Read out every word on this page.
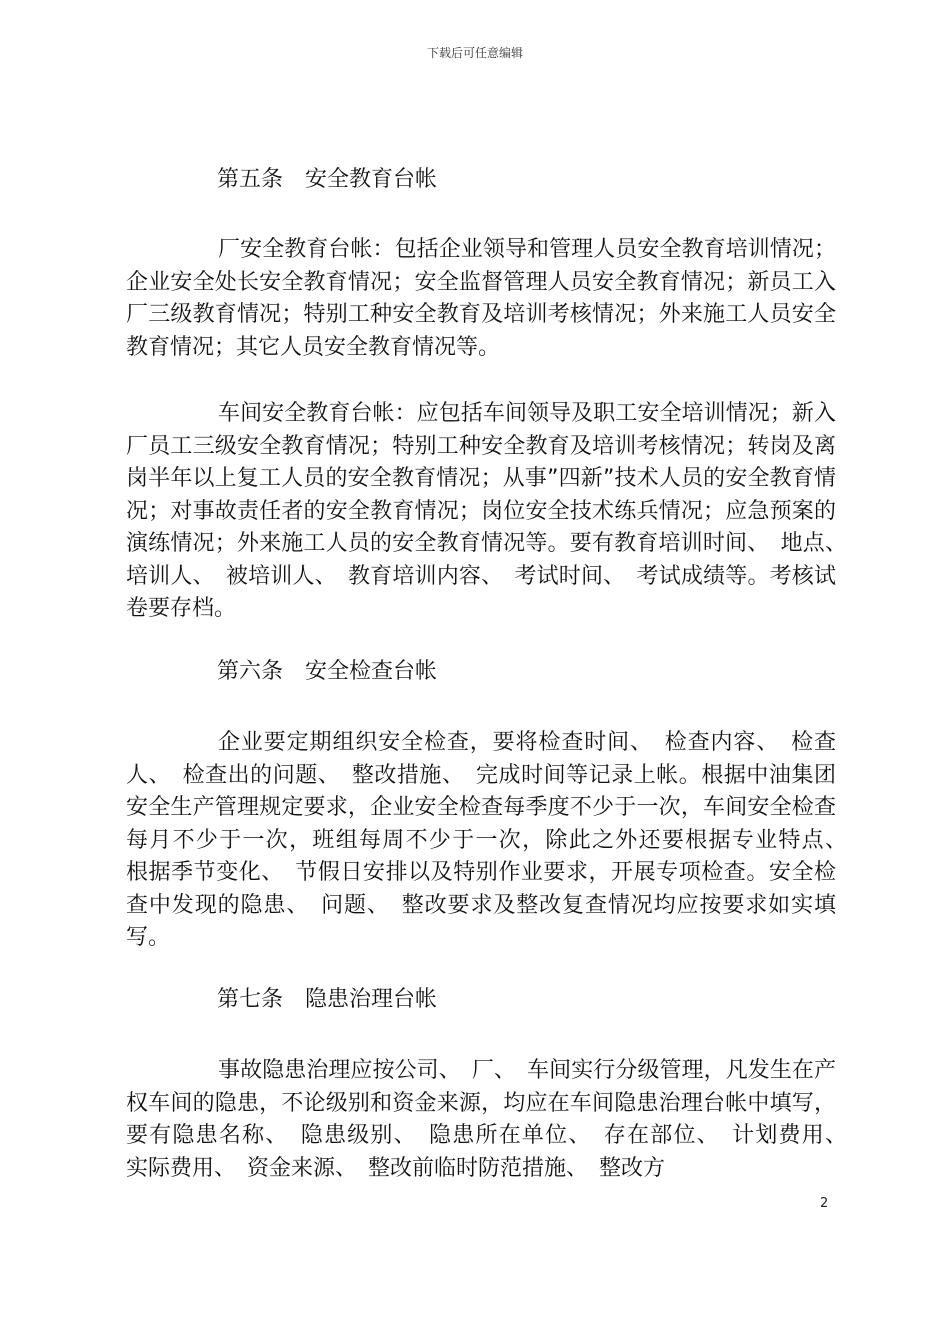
下载后可任意编辑
第五条　安全教育台帐
厂安全教育台帐：包括企业领导和管理人员安全教育培训情况；企业安全处长安全教育情况；安全监督管理人员安全教育情况；新员工入厂三级教育情况；特别工种安全教育及培训考核情况；外来施工人员安全教育情况；其它人员安全教育情况等。
车间安全教育台帐：应包括车间领导及职工安全培训情况；新入厂员工三级安全教育情况；特别工种安全教育及培训考核情况；转岗及离岗半年以上复工人员的安全教育情况；从事”四新”技术人员的安全教育情况；对事故责任者的安全教育情况；岗位安全技术练兵情况；应急预案的演练情况；外来施工人员的安全教育情况等。要有教育培训时间、　地点、　培训人、　被培训人、　教育培训内容、　考试时间、　考试成绩等。考核试卷要存档。
第六条　安全检查台帐
企业要定期组织安全检查，要将检查时间、　检查内容、　检查人、　检查出的问题、　整改措施、　完成时间等记录上帐。根据中油集团安全生产管理规定要求，企业安全检查每季度不少于一次，车间安全检查每月不少于一次，班组每周不少于一次，除此之外还要根据专业特点、　根据季节变化、　节假日安排以及特别作业要求，开展专项检查。安全检查中发现的隐患、　问题、　整改要求及整改复查情况均应按要求如实填写。
第七条　隐患治理台帐
事故隐患治理应按公司、　厂、　车间实行分级管理，凡发生在产权车间的隐患，不论级别和资金来源，均应在车间隐患治理台帐中填写，要有隐患名称、　隐患级别、　隐患所在单位、　存在部位、　计划费用、　实际费用、　资金来源、　整改前临时防范措施、　整改方
2
